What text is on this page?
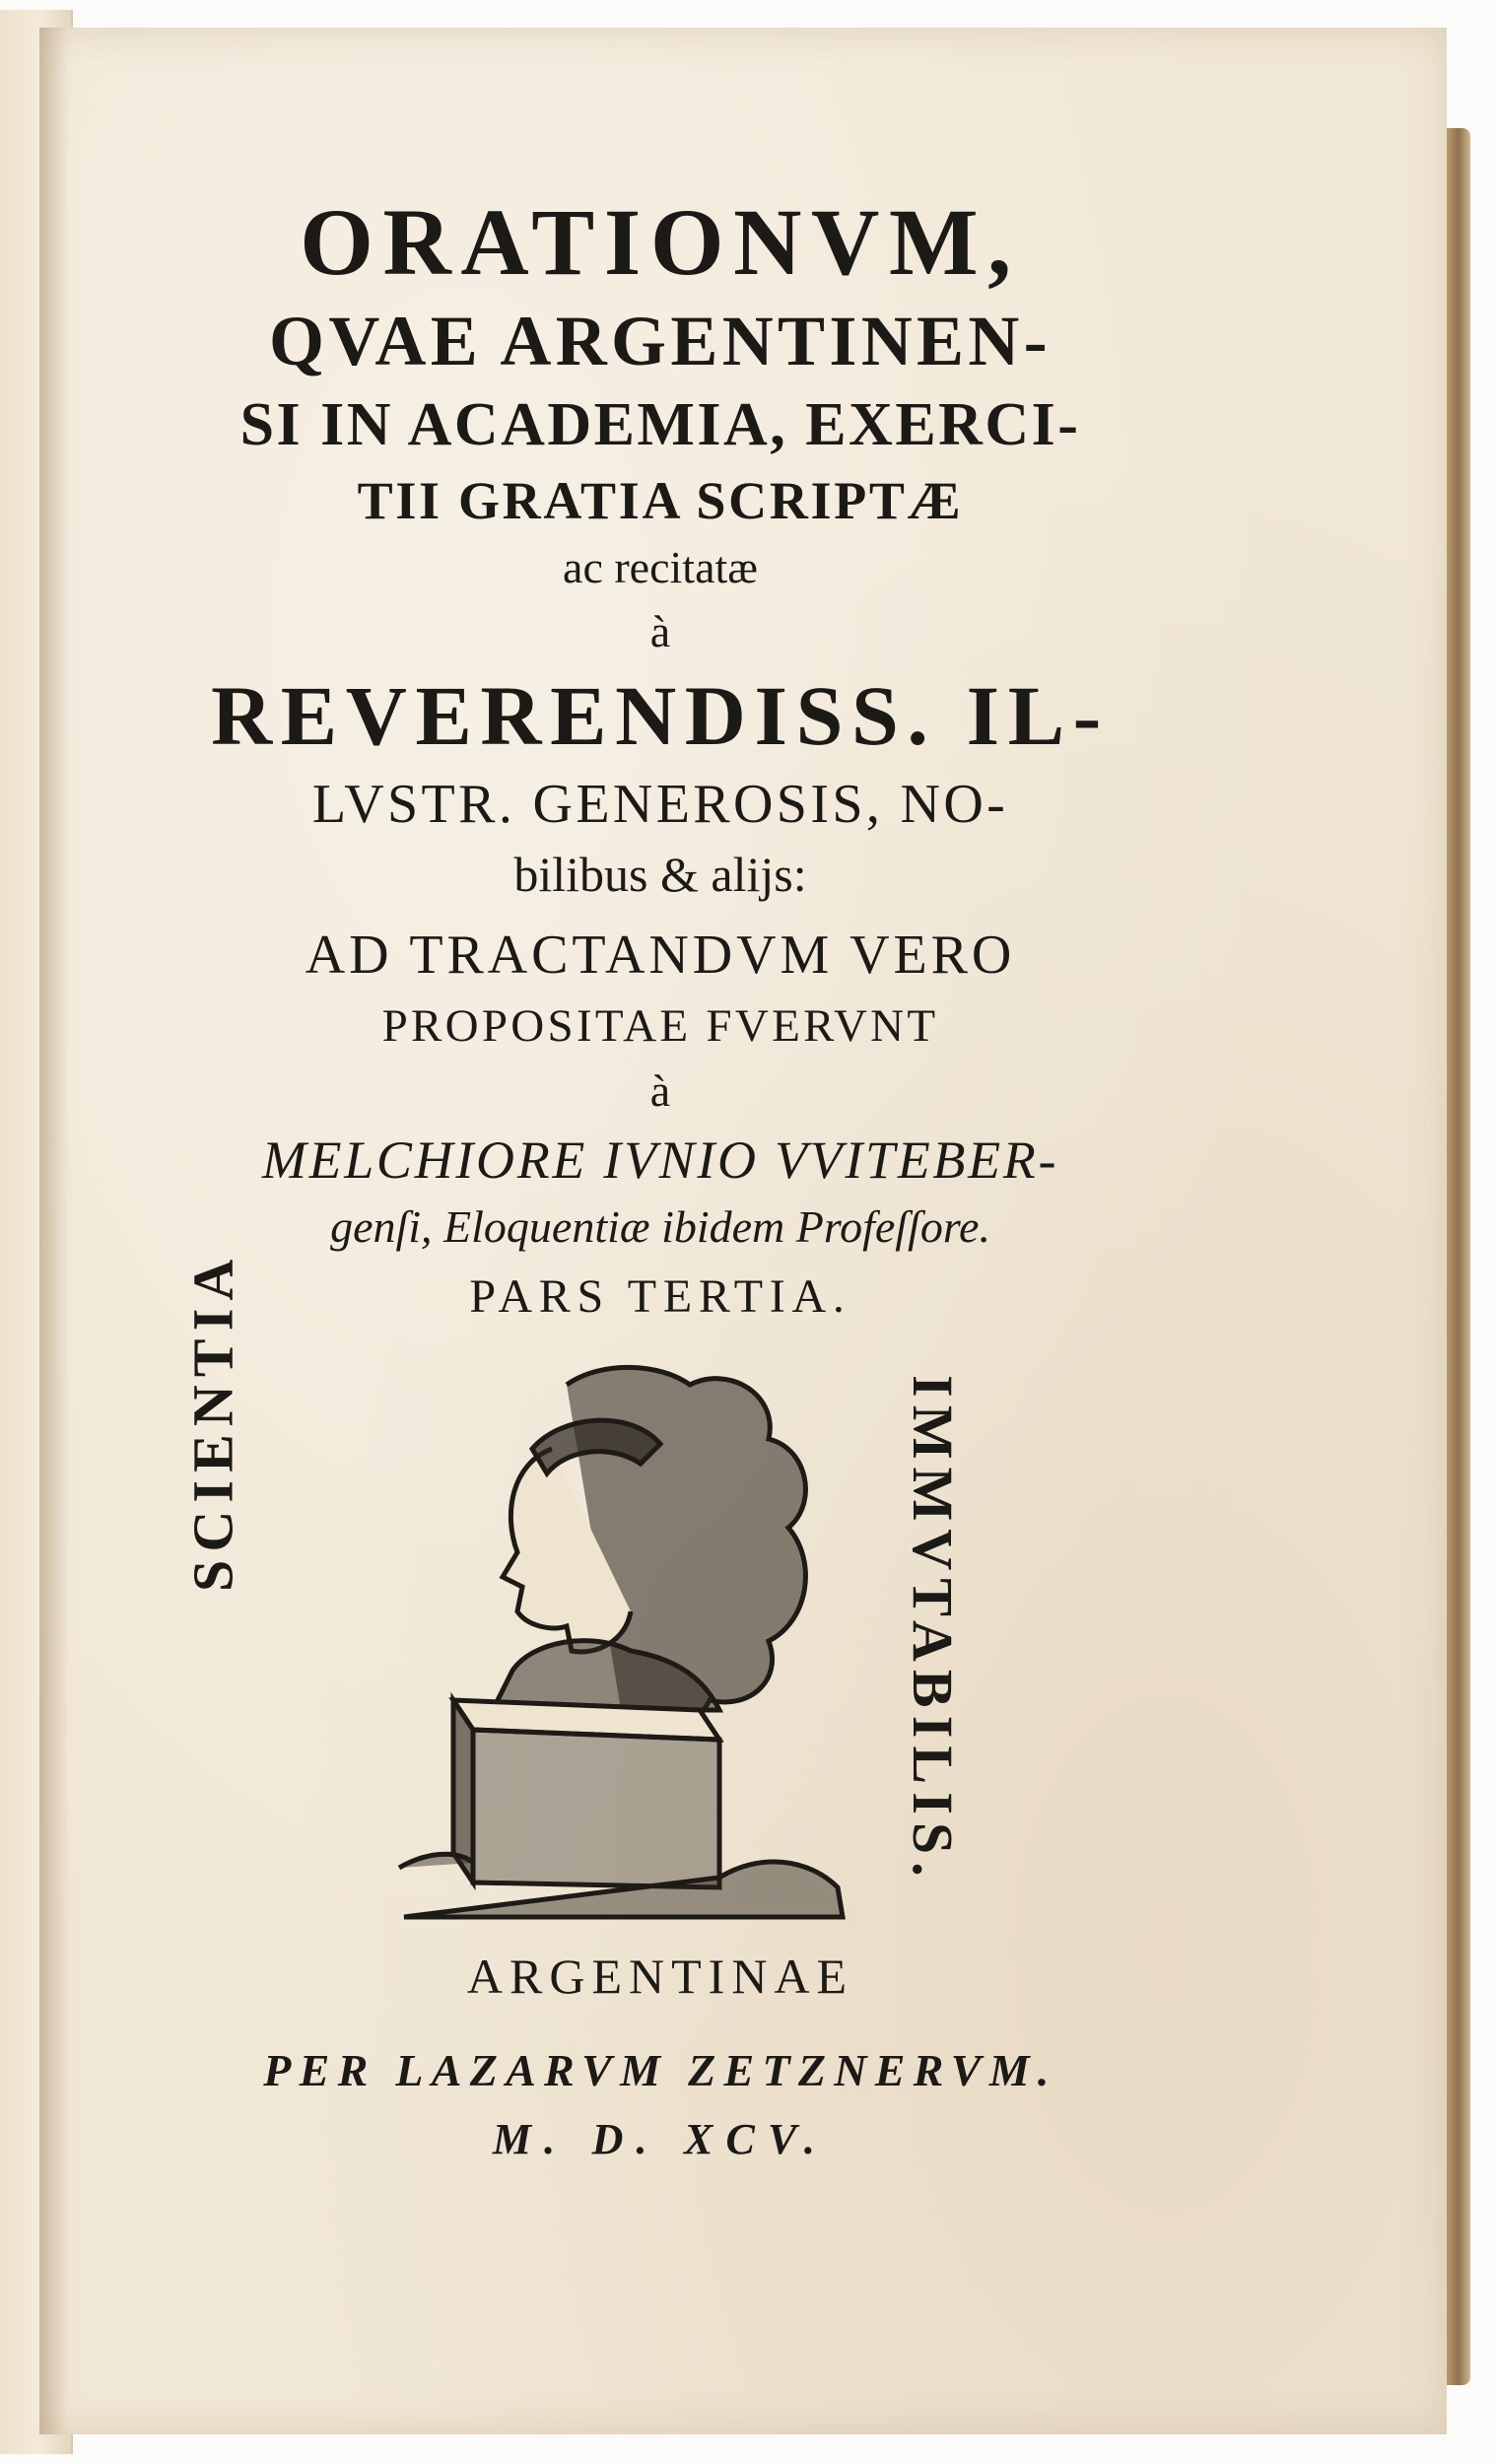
ORATIONVM,
QVAE ARGENTINEN-
SI IN ACADEMIA, EXERCI-
TII GRATIA SCRIPTÆ
ac recitatæ
à
REVERENDISS. IL-
LVSTR. GENEROSIS, NO-
bilibus & alijs:
AD TRACTANDVM VERO
PROPOSITAE FVERVNT
à
MELCHIORE IVNIO VVITEBER-
genſi, Eloquentiæ ibidem Profeſſore.
PARS TERTIA.
SCIENTIA	IMMVTABILIS.
ARGENTINAE
PER LAZARVM ZETZNERVM.
M. D. XCV.
